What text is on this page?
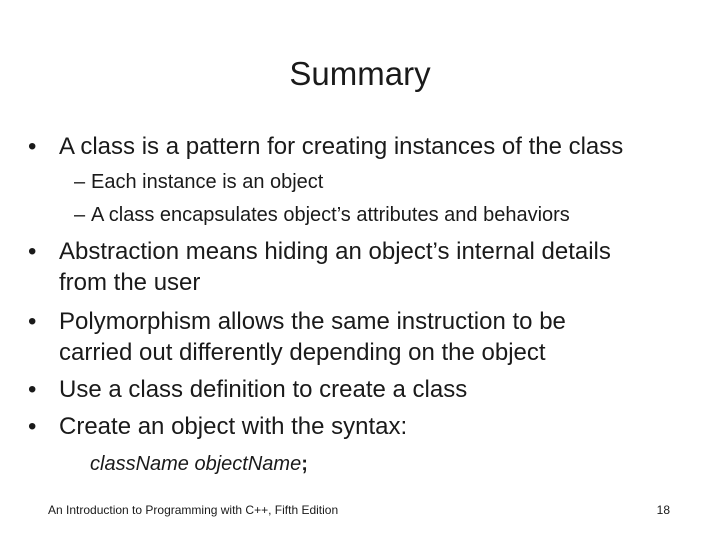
Summary
• A class is a pattern for creating instances of the class
– Each instance is an object
– A class encapsulates object’s attributes and behaviors
• Abstraction means hiding an object’s internal details
from the user
• Polymorphism allows the same instruction to be
carried out differently depending on the object
• Use a class definition to create a class
• Create an object with the syntax:
className objectName;
An Introduction to Programming with C++, Fifth Edition	18
